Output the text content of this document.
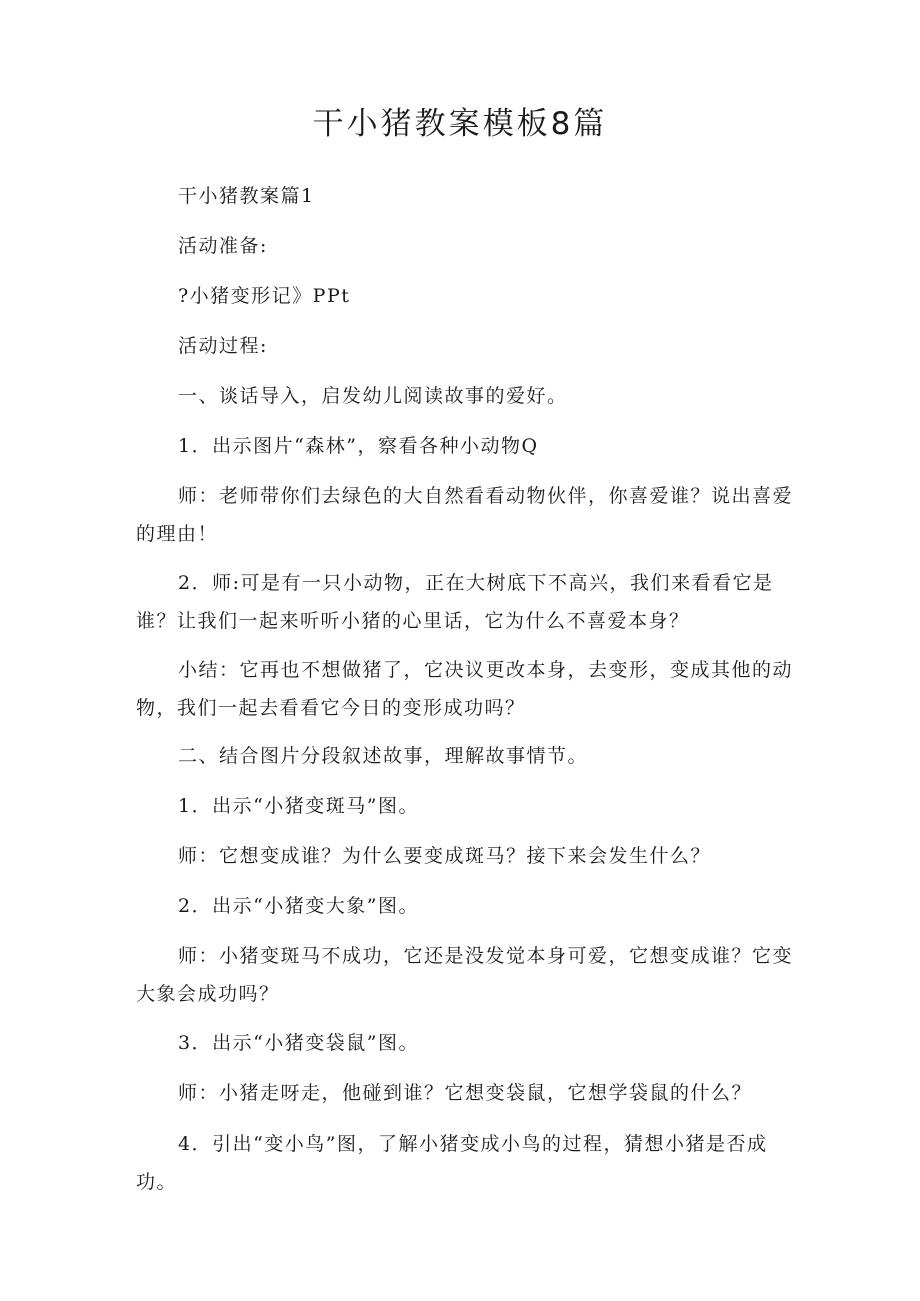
干小猪教案模板8篇

干小猪教案篇1

活动准备:

?小猪变形记》PPt

活动过程:

一、谈话导入，启发幼儿阅读故事的爱好。

1．出示图片“森林”，察看各种小动物Q

师：老师带你们去绿色的大自然看看动物伙伴，你喜爱谁？说出喜爱的理由！

2．师:可是有一只小动物，正在大树底下不高兴，我们来看看它是谁？让我们一起来听听小猪的心里话，它为什么不喜爱本身？

小结：它再也不想做猪了，它决议更改本身，去变形，变成其他的动物，我们一起去看看它今日的变形成功吗？

二、结合图片分段叙述故事，理解故事情节。

1．出示“小猪变斑马”图。

师：它想变成谁？为什么要变成斑马？接下来会发生什么？

2．出示“小猪变大象”图。

师：小猪变斑马不成功，它还是没发觉本身可爱，它想变成谁？它变大象会成功吗？

3．出示“小猪变袋鼠”图。

师：小猪走呀走，他碰到谁？它想变袋鼠，它想学袋鼠的什么？

4．引出“变小鸟”图，了解小猪变成小鸟的过程，猜想小猪是否成功。
